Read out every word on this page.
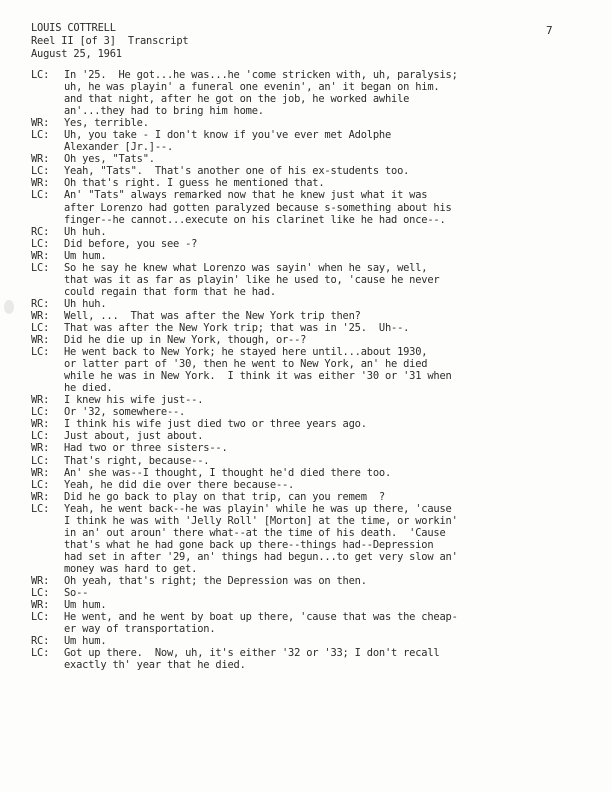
LOUIS COTTRELL
Reel II [of 3]  Transcript
August 25, 1961
7
LC:	In '25.  He got...he was...he 'come stricken with, uh, paralysis;
uh, he was playin' a funeral one evenin', an' it began on him.
and that night, after he got on the job, he worked awhile
an'...they had to bring him home.
WR:	Yes, terrible.
LC:	Uh, you take - I don't know if you've ever met Adolphe
Alexander [Jr.]--.
WR:	Oh yes, "Tats".
LC:	Yeah, "Tats".  That's another one of his ex-students too.
WR:	Oh that's right. I guess he mentioned that.
LC:	An' "Tats" always remarked now that he knew just what it was
after Lorenzo had gotten paralyzed because s-something about his
finger--he cannot...execute on his clarinet like he had once--.
RC:	Uh huh.
LC:	Did before, you see -?
WR:	Um hum.
LC:	So he say he knew what Lorenzo was sayin' when he say, well,
that was it as far as playin' like he used to, 'cause he never
could regain that form that he had.
RC:	Uh huh.
WR:	Well, ...  That was after the New York trip then?
LC:	That was after the New York trip; that was in '25.  Uh--.
WR:	Did he die up in New York, though, or--?
LC:	He went back to New York; he stayed here until...about 1930,
or latter part of '30, then he went to New York, an' he died
while he was in New York.  I think it was either '30 or '31 when
he died.
WR:	I knew his wife just--.
LC:	Or '32, somewhere--.
WR:	I think his wife just died two or three years ago.
LC:	Just about, just about.
WR:	Had two or three sisters--.
LC:	That's right, because--.
WR:	An' she was--I thought, I thought he'd died there too.
LC:	Yeah, he did die over there because--.
WR:	Did he go back to play on that trip, can you remem  ?
LC:	Yeah, he went back--he was playin' while he was up there, 'cause
I think he was with 'Jelly Roll' [Morton] at the time, or workin'
in an' out aroun' there what--at the time of his death.  'Cause
that's what he had gone back up there--things had--Depression
had set in after '29, an' things had begun...to get very slow an'
money was hard to get.
WR:	Oh yeah, that's right; the Depression was on then.
LC:	So--
WR:	Um hum.
LC:	He went, and he went by boat up there, 'cause that was the cheap-
er way of transportation.
RC:	Um hum.
LC:	Got up there.  Now, uh, it's either '32 or '33; I don't recall
exactly th' year that he died.
